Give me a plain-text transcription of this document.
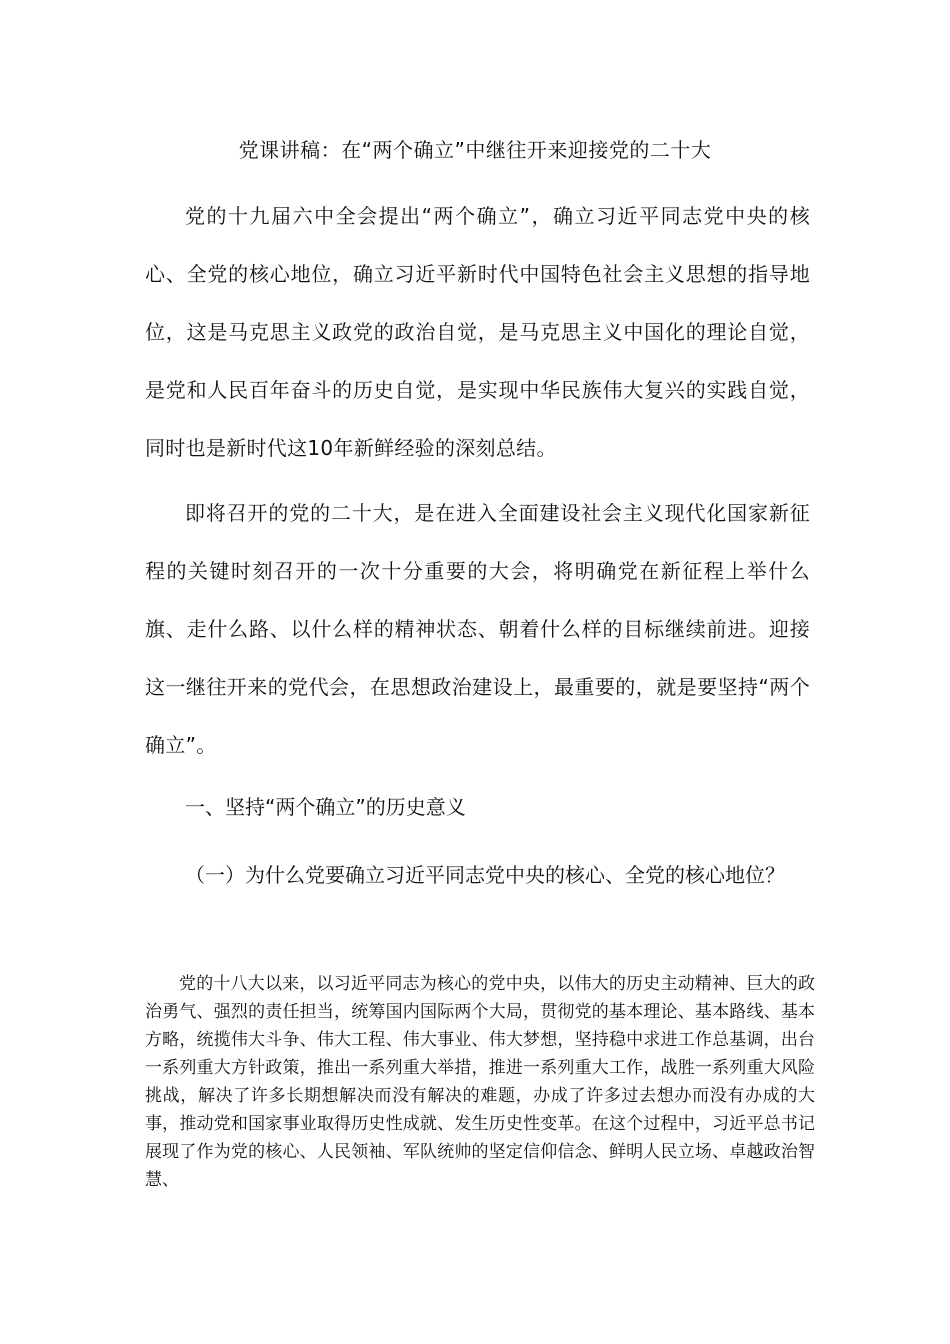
党课讲稿：在“两个确立”中继往开来迎接党的二十大

党的十九届六中全会提出“两个确立”，确立习近平同志党中央的核心、全党的核心地位，确立习近平新时代中国特色社会主义思想的指导地位，这是马克思主义政党的政治自觉，是马克思主义中国化的理论自觉，是党和人民百年奋斗的历史自觉，是实现中华民族伟大复兴的实践自觉，同时也是新时代这10年新鲜经验的深刻总结。

即将召开的党的二十大，是在进入全面建设社会主义现代化国家新征程的关键时刻召开的一次十分重要的大会，将明确党在新征程上举什么旗、走什么路、以什么样的精神状态、朝着什么样的目标继续前进。迎接这一继往开来的党代会，在思想政治建设上，最重要的，就是要坚持“两个确立”。

一、坚持“两个确立”的历史意义

（一）为什么党要确立习近平同志党中央的核心、全党的核心地位？

党的十八大以来，以习近平同志为核心的党中央，以伟大的历史主动精神、巨大的政治勇气、强烈的责任担当，统筹国内国际两个大局，贯彻党的基本理论、基本路线、基本方略，统揽伟大斗争、伟大工程、伟大事业、伟大梦想，坚持稳中求进工作总基调，出台一系列重大方针政策，推出一系列重大举措，推进一系列重大工作，战胜一系列重大风险挑战，解决了许多长期想解决而没有解决的难题，办成了许多过去想办而没有办成的大事，推动党和国家事业取得历史性成就、发生历史性变革。在这个过程中，习近平总书记展现了作为党的核心、人民领袖、军队统帅的坚定信仰信念、鲜明人民立场、卓越政治智慧、
